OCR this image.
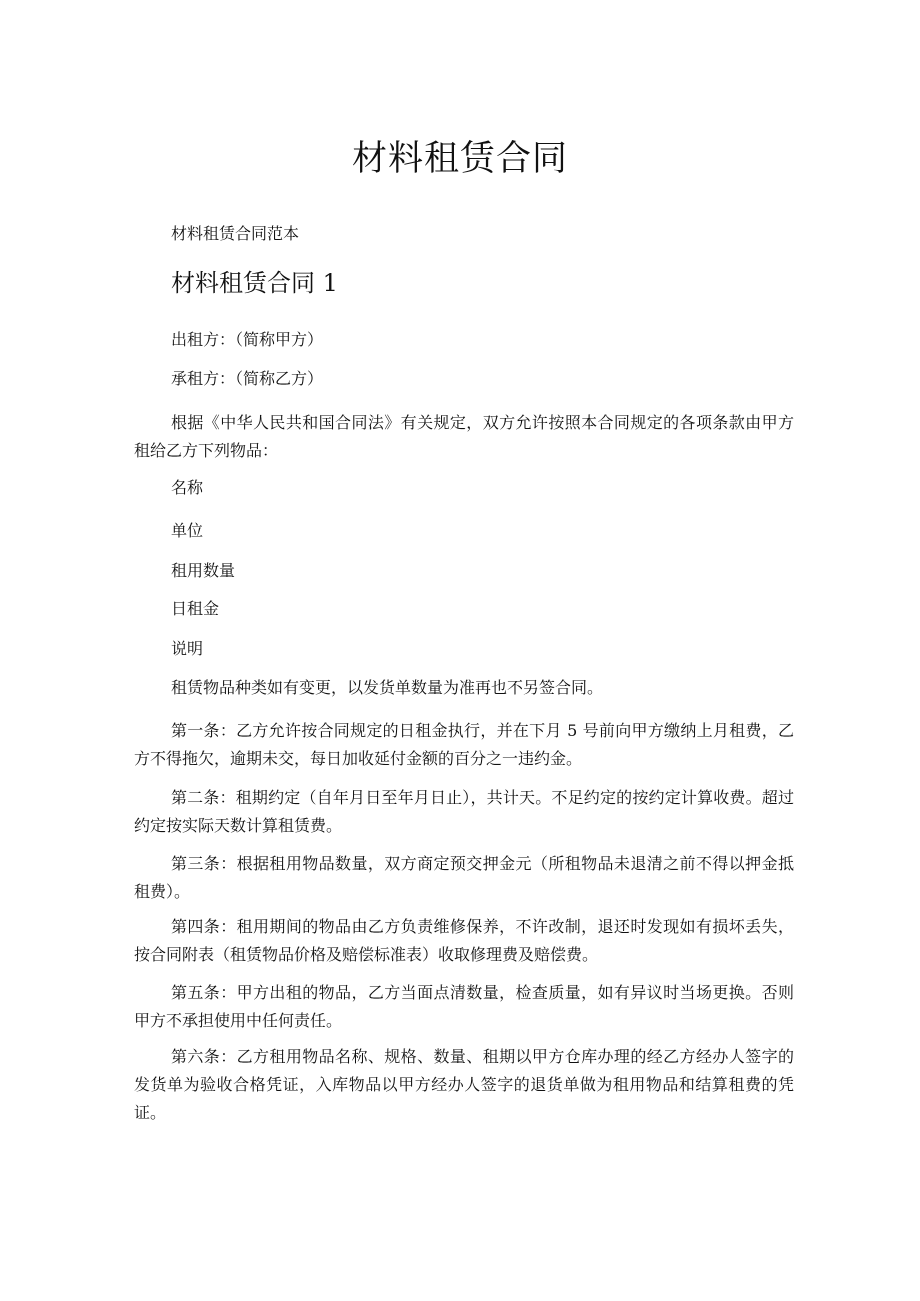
材料租赁合同
材料租赁合同范本
材料租赁合同 1
出租方：（简称甲方）
承租方：（简称乙方）
根据《中华人民共和国合同法》有关规定，双方允许按照本合同规定的各项条款由甲方租给乙方下列物品：
名称
单位
租用数量
日租金
说明
租赁物品种类如有变更，以发货单数量为准再也不另签合同。
第一条：乙方允许按合同规定的日租金执行，并在下月 5 号前向甲方缴纳上月租费，乙方不得拖欠，逾期未交，每日加收延付金额的百分之一违约金。
第二条：租期约定（自年月日至年月日止），共计天。不足约定的按约定计算收费。超过约定按实际天数计算租赁费。
第三条：根据租用物品数量，双方商定预交押金元（所租物品未退清之前不得以押金抵租费）。
第四条：租用期间的物品由乙方负责维修保养，不许改制，退还时发现如有损坏丢失，按合同附表（租赁物品价格及赔偿标准表）收取修理费及赔偿费。
第五条：甲方出租的物品，乙方当面点清数量，检查质量，如有异议时当场更换。否则甲方不承担使用中任何责任。
第六条：乙方租用物品名称、规格、数量、租期以甲方仓库办理的经乙方经办人签字的发货单为验收合格凭证，入库物品以甲方经办人签字的退货单做为租用物品和结算租费的凭证。
